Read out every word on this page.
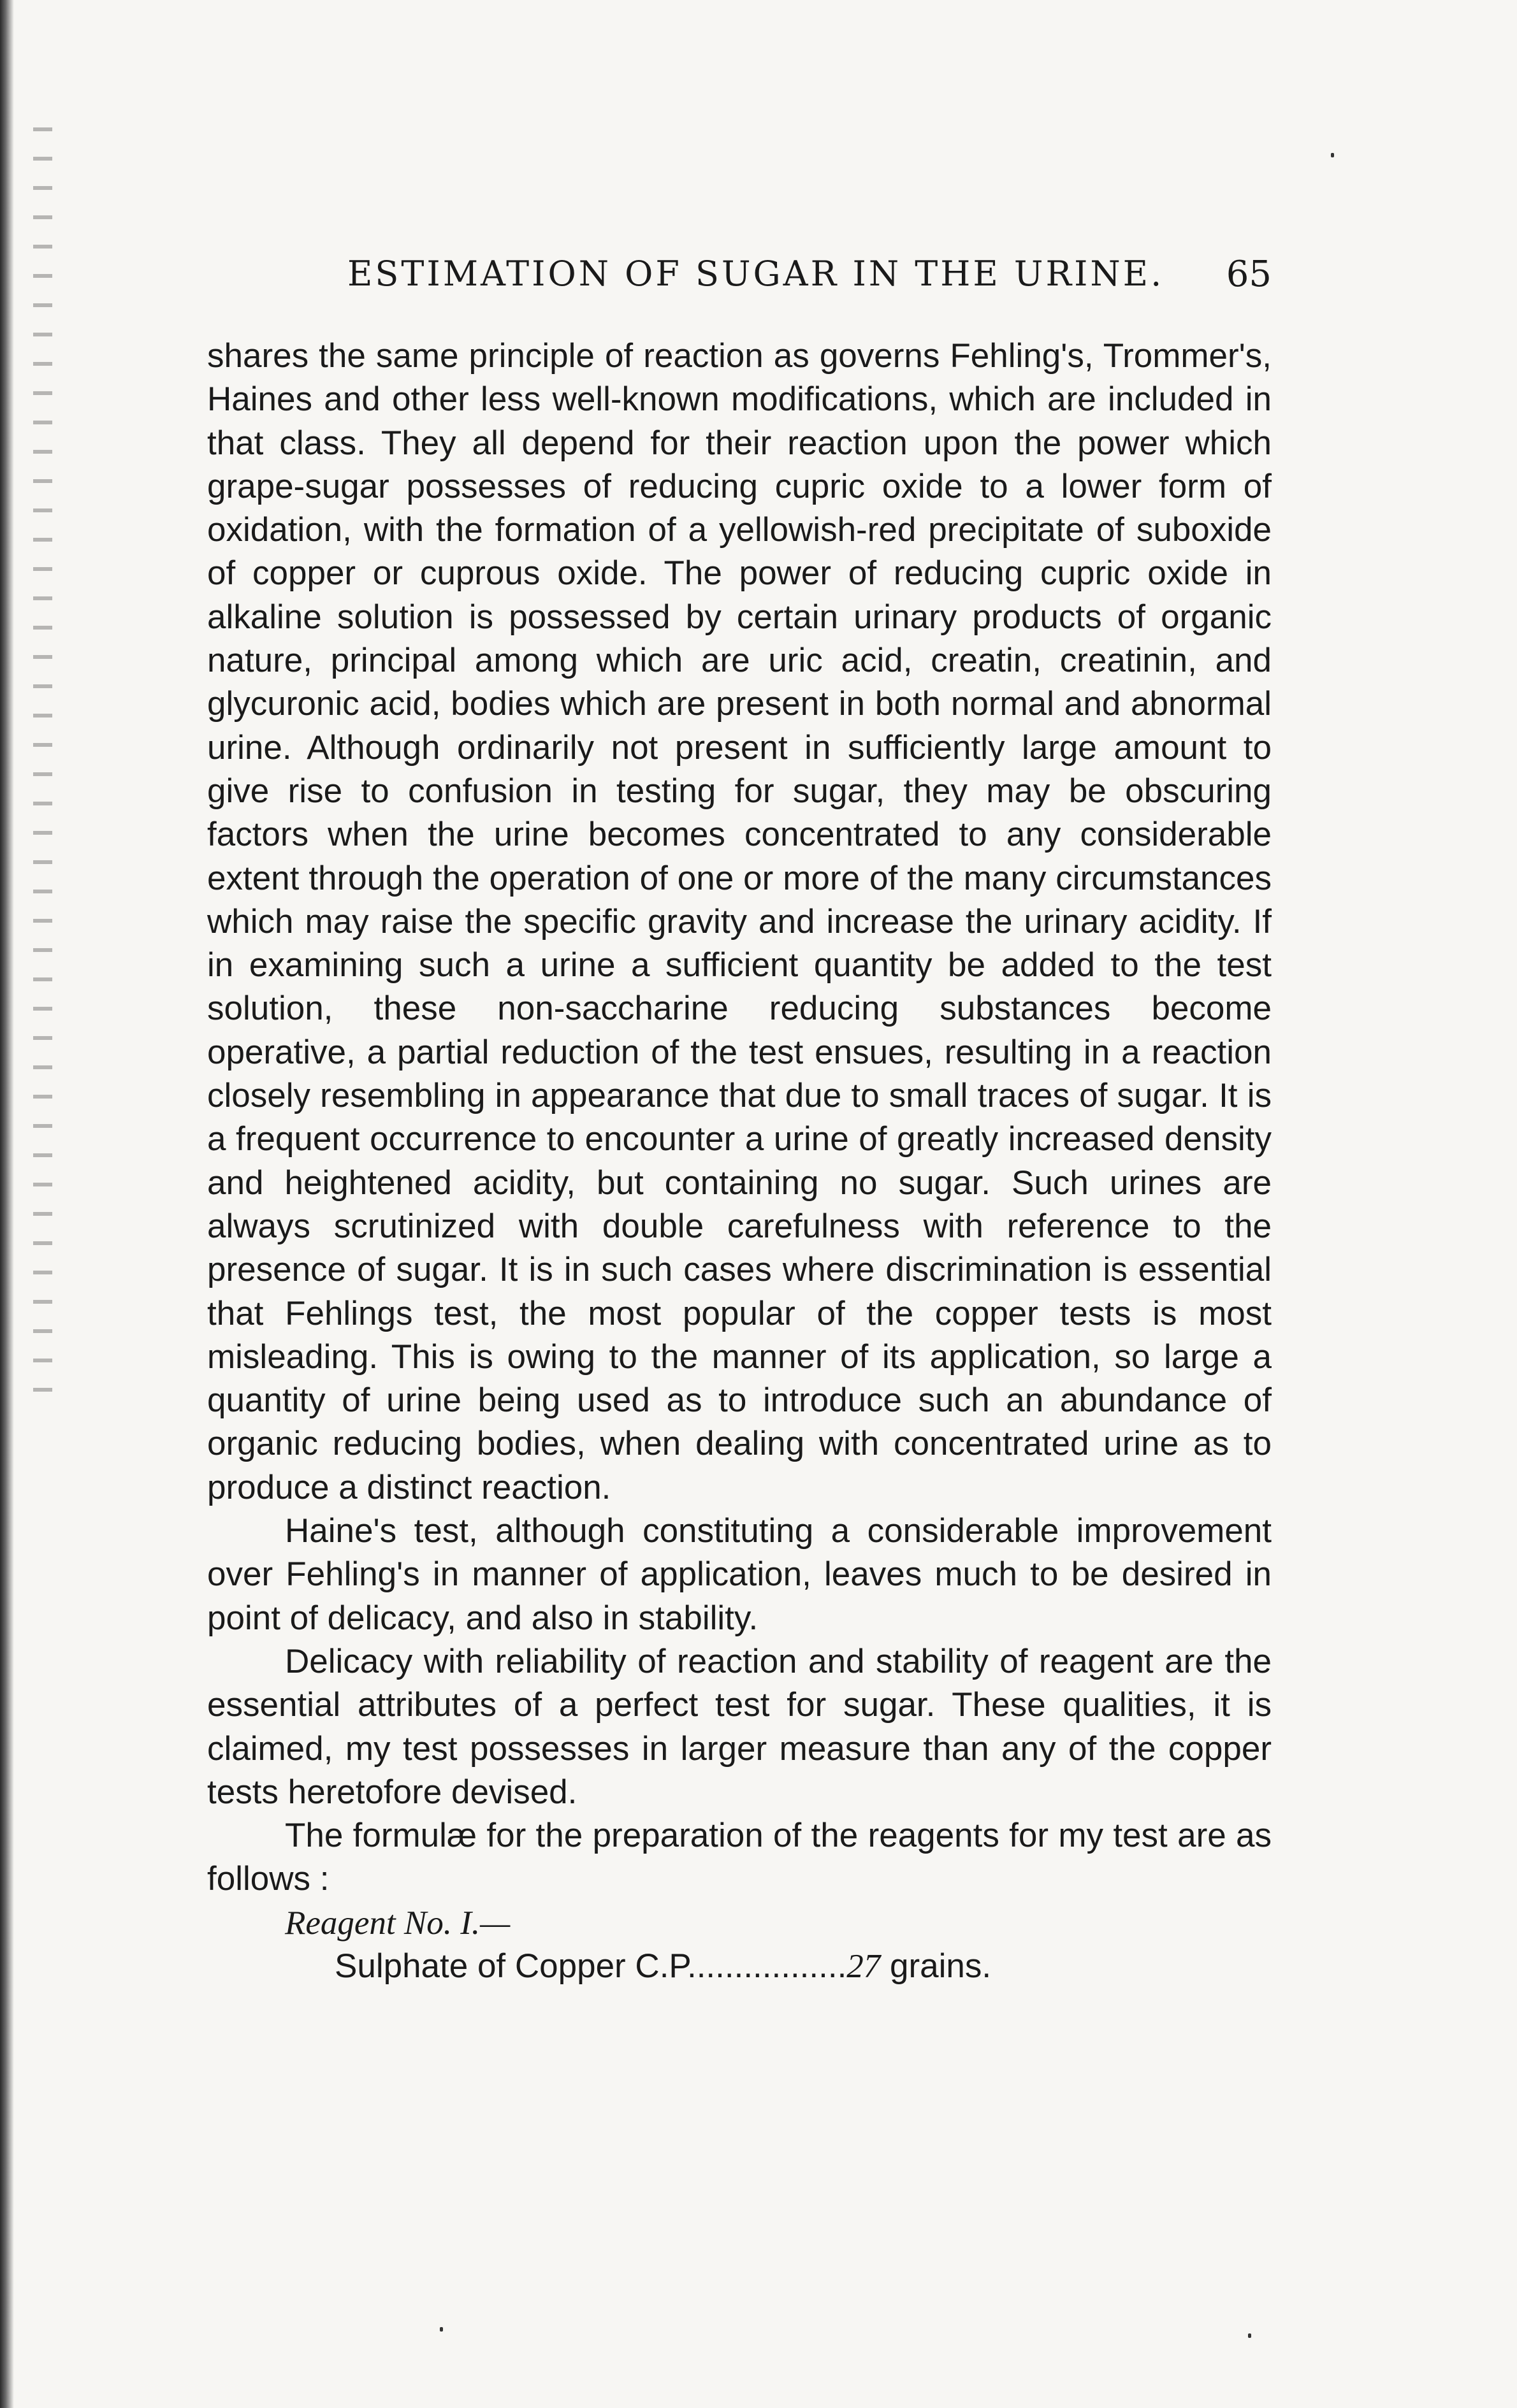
ESTIMATION OF SUGAR IN THE URINE. 65

shares the same principle of reaction as governs Fehling's, Trommer's, Haines and other less well-known modifications, which are included in that class. They all depend for their reaction upon the power which grape-sugar possesses of reducing cupric oxide to a lower form of oxidation, with the formation of a yellowish-red precipitate of suboxide of copper or cuprous oxide. The power of reducing cupric oxide in alkaline solution is possessed by certain urinary products of organic nature, principal among which are uric acid, creatin, creatinin, and glycuronic acid, bodies which are present in both normal and abnormal urine. Although ordinarily not present in sufficiently large amount to give rise to confusion in testing for sugar, they may be obscuring factors when the urine becomes concentrated to any considerable extent through the operation of one or more of the many circumstances which may raise the specific gravity and increase the urinary acidity. If in examining such a urine a sufficient quantity be added to the test solution, these non-saccharine reducing substances become operative, a partial reduction of the test ensues, resulting in a reaction closely resembling in appearance that due to small traces of sugar. It is a frequent occurrence to encounter a urine of greatly increased density and heightened acidity, but containing no sugar. Such urines are always scrutinized with double carefulness with reference to the presence of sugar. It is in such cases where discrimination is essential that Fehlings test, the most popular of the copper tests is most misleading. This is owing to the manner of its application, so large a quantity of urine being used as to introduce such an abundance of organic reducing bodies, when dealing with concentrated urine as to produce a distinct reaction.

Haine's test, although constituting a considerable improvement over Fehling's in manner of application, leaves much to be desired in point of delicacy, and also in stability.

Delicacy with reliability of reaction and stability of reagent are the essential attributes of a perfect test for sugar. These qualities, it is claimed, my test possesses in larger measure than any of the copper tests heretofore devised.

The formulæ for the preparation of the reagents for my test are as follows :

Reagent No. I.—
Sulphate of Copper C.P.................27 grains.
